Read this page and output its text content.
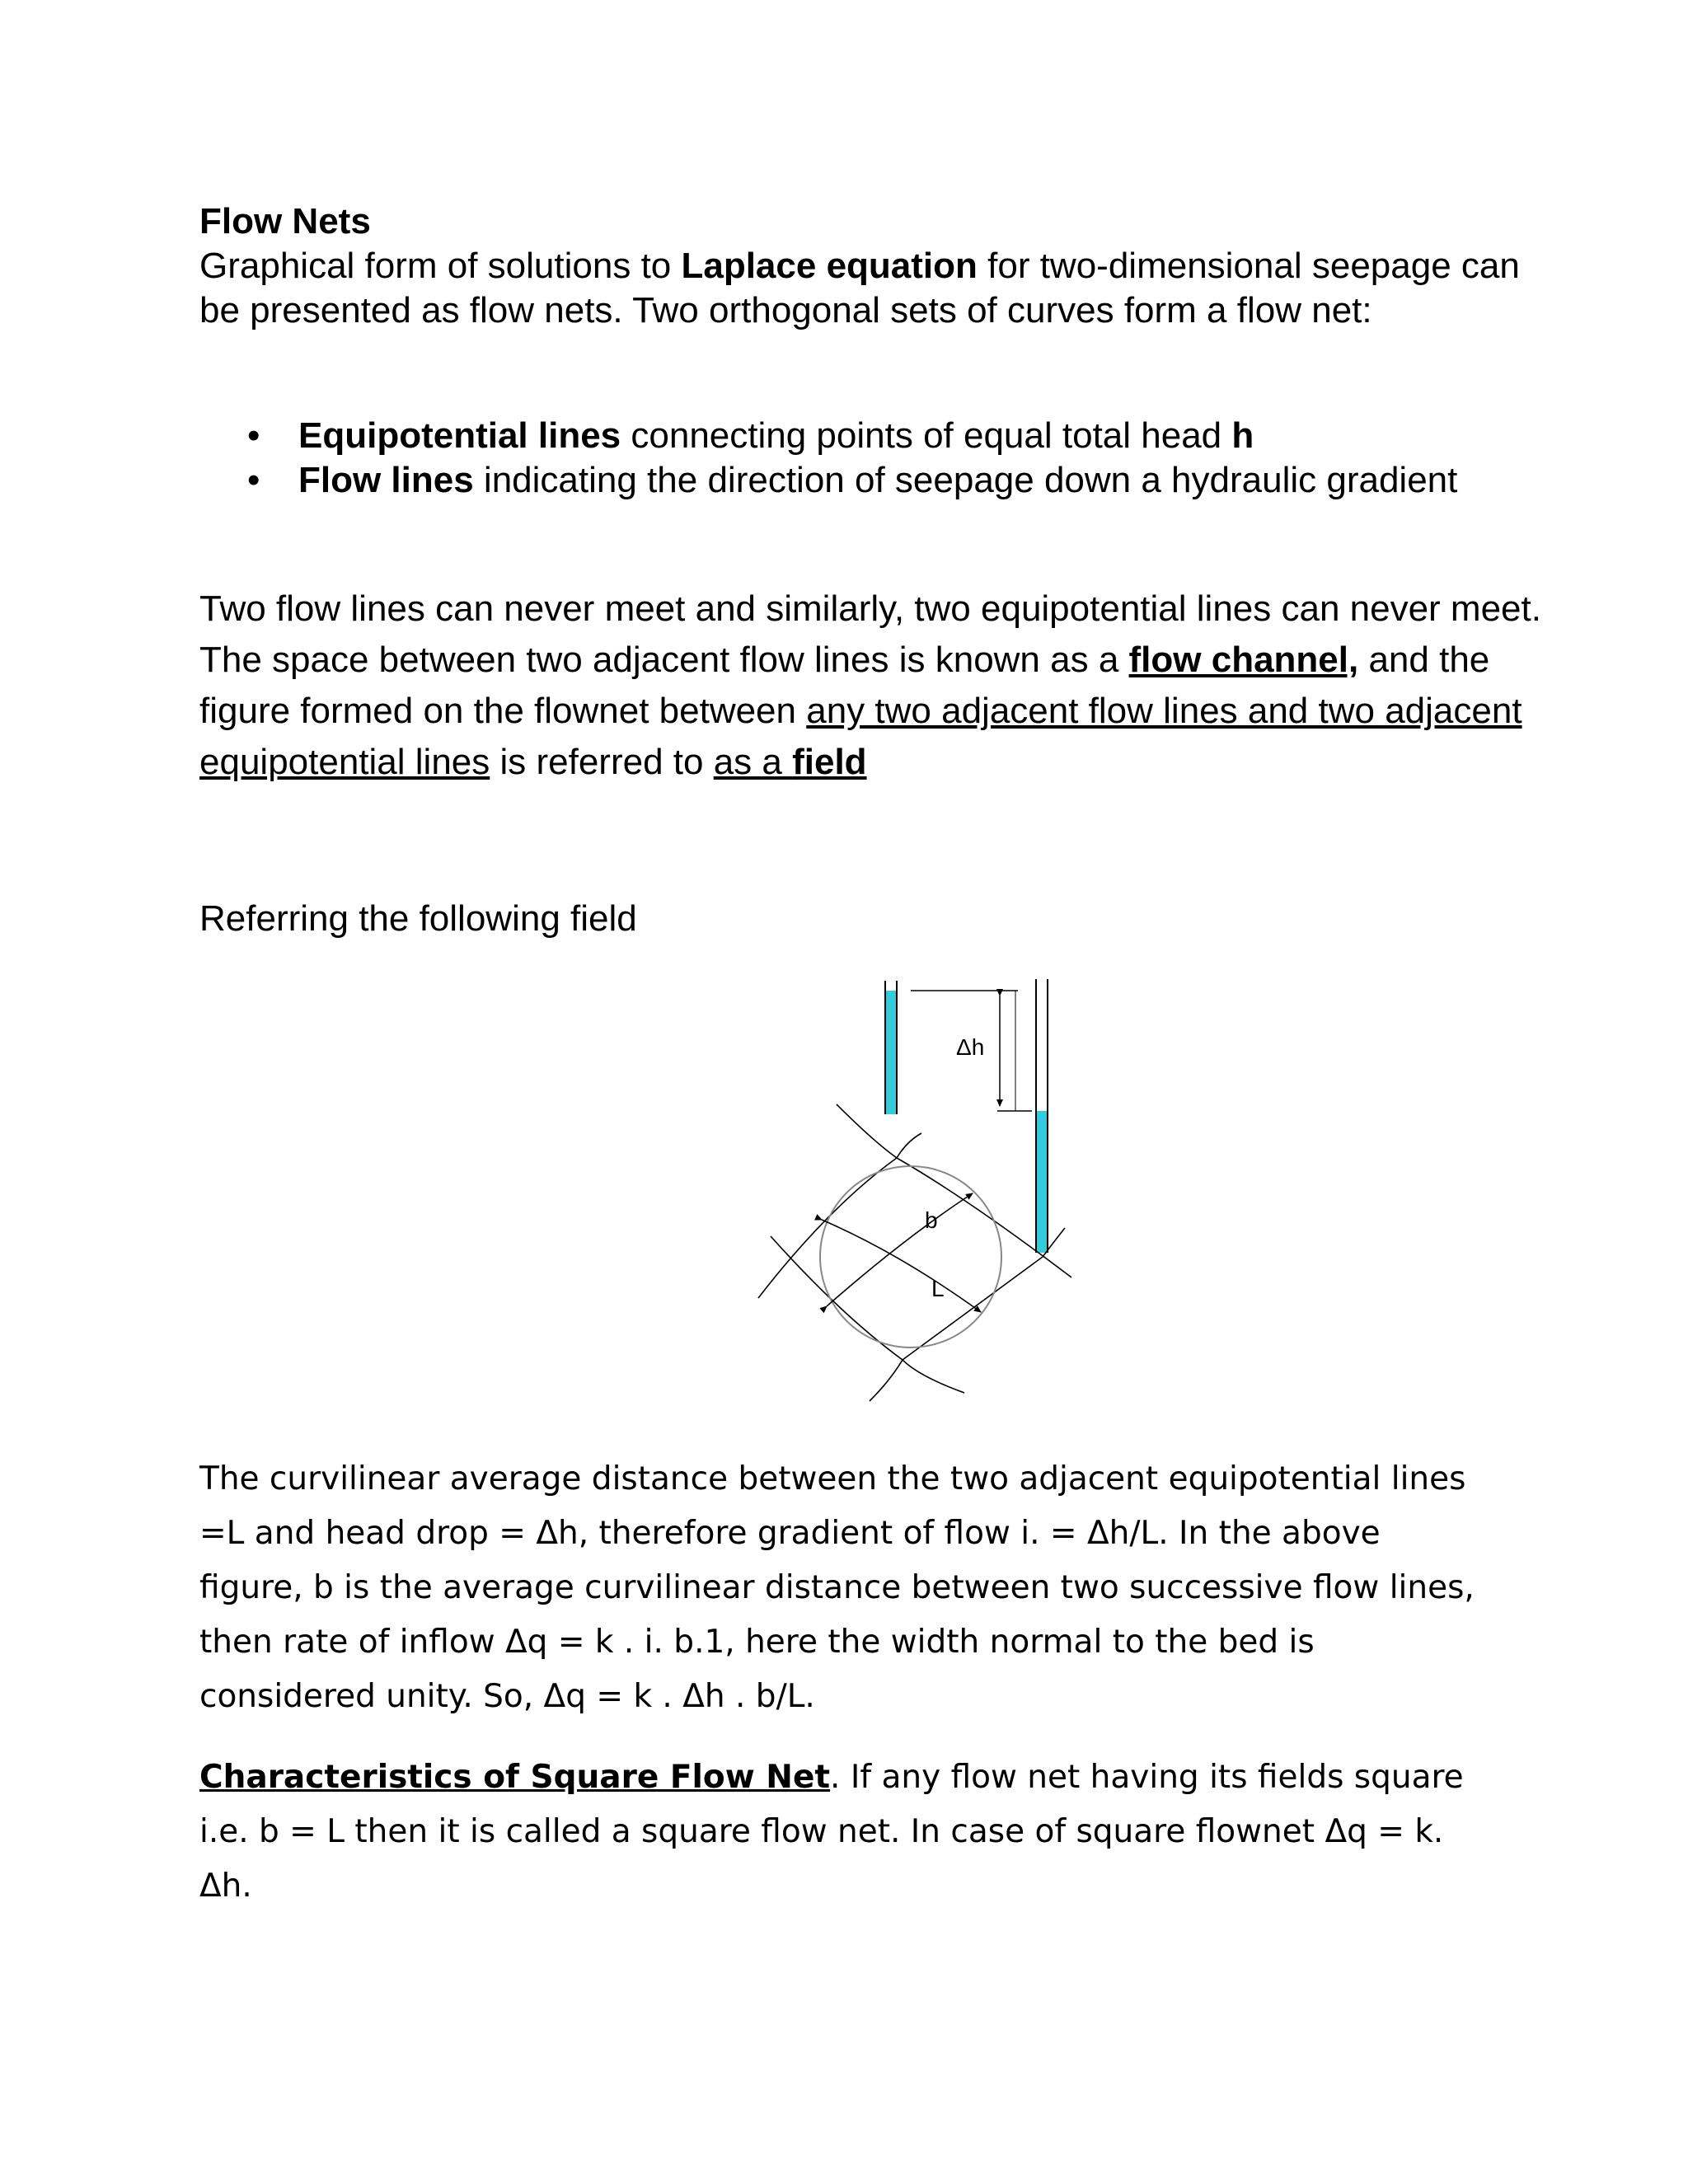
Flow Nets
Graphical form of solutions to Laplace equation for two-dimensional seepage can be presented as flow nets. Two orthogonal sets of curves form a flow net:
• Equipotential lines connecting points of equal total head h
• Flow lines indicating the direction of seepage down a hydraulic gradient
Two flow lines can never meet and similarly, two equipotential lines can never meet. The space between two adjacent flow lines is known as a flow channel, and the figure formed on the flownet between any two adjacent flow lines and two adjacent equipotential lines is referred to as a field
Referring the following field
Δh
b
L
The curvilinear average distance between the two adjacent equipotential lines =L and head drop = Δh, therefore gradient of flow i. = Δh/L. In the above figure, b is the average curvilinear distance between two successive flow lines, then rate of inflow Δq = k . i. b.1, here the width normal to the bed is considered unity. So, Δq = k . Δh . b/L.
Characteristics of Square Flow Net. If any flow net having its fields square i.e. b = L then it is called a square flow net. In case of square flownet Δq = k. Δh.
